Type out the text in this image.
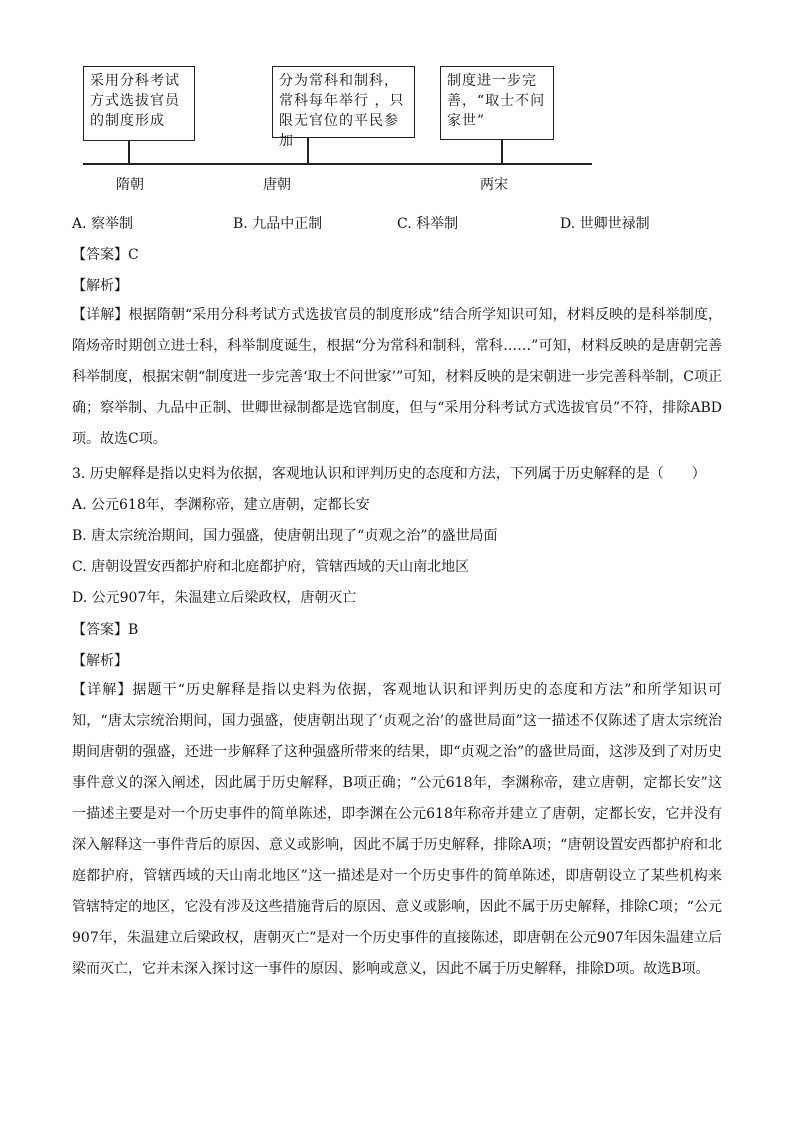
采用分科考试方式选拔官员的制度形成
分为常科和制科，常科每年举行 ，只限无官位的平民参加
制度进一步完善，“取士不问家世”
隋朝	唐朝	两宋
A. 察举制	B. 九品中正制	C. 科举制	D. 世卿世禄制
【答案】C
【解析】
【详解】根据隋朝“采用分科考试方式选拔官员的制度形成”结合所学知识可知，材料反映的是科举制度，隋炀帝时期创立进士科，科举制度诞生，根据“分为常科和制科，常科……”可知，材料反映的是唐朝完善科举制度，根据宋朝“制度进一步完善‘取士不问世家’”可知，材料反映的是宋朝进一步完善科举制，C项正确；察举制、九品中正制、世卿世禄制都是选官制度，但与“采用分科考试方式选拔官员”不符，排除ABD项。故选C项。
3. 历史解释是指以史料为依据，客观地认识和评判历史的态度和方法，下列属于历史解释的是（　　）
A. 公元618年，李渊称帝，建立唐朝，定都长安
B. 唐太宗统治期间，国力强盛，使唐朝出现了“贞观之治”的盛世局面
C. 唐朝设置安西都护府和北庭都护府，管辖西域的天山南北地区
D. 公元907年，朱温建立后梁政权，唐朝灭亡
【答案】B
【解析】
【详解】据题干“历史解释是指以史料为依据，客观地认识和评判历史的态度和方法”和所学知识可知，“唐太宗统治期间，国力强盛，使唐朝出现了‘贞观之治’的盛世局面”这一描述不仅陈述了唐太宗统治期间唐朝的强盛，还进一步解释了这种强盛所带来的结果，即“贞观之治”的盛世局面，这涉及到了对历史事件意义的深入阐述，因此属于历史解释，B项正确；“公元618年，李渊称帝，建立唐朝，定都长安”这一描述主要是对一个历史事件的简单陈述，即李渊在公元618年称帝并建立了唐朝，定都长安，它并没有深入解释这一事件背后的原因、意义或影响，因此不属于历史解释，排除A项；“唐朝设置安西都护府和北庭都护府，管辖西域的天山南北地区”这一描述是对一个历史事件的简单陈述，即唐朝设立了某些机构来管辖特定的地区，它没有涉及这些措施背后的原因、意义或影响，因此不属于历史解释，排除C项；“公元907年，朱温建立后梁政权，唐朝灭亡”是对一个历史事件的直接陈述，即唐朝在公元907年因朱温建立后梁而灭亡，它并未深入探讨这一事件的原因、影响或意义，因此不属于历史解释，排除D项。故选B项。
